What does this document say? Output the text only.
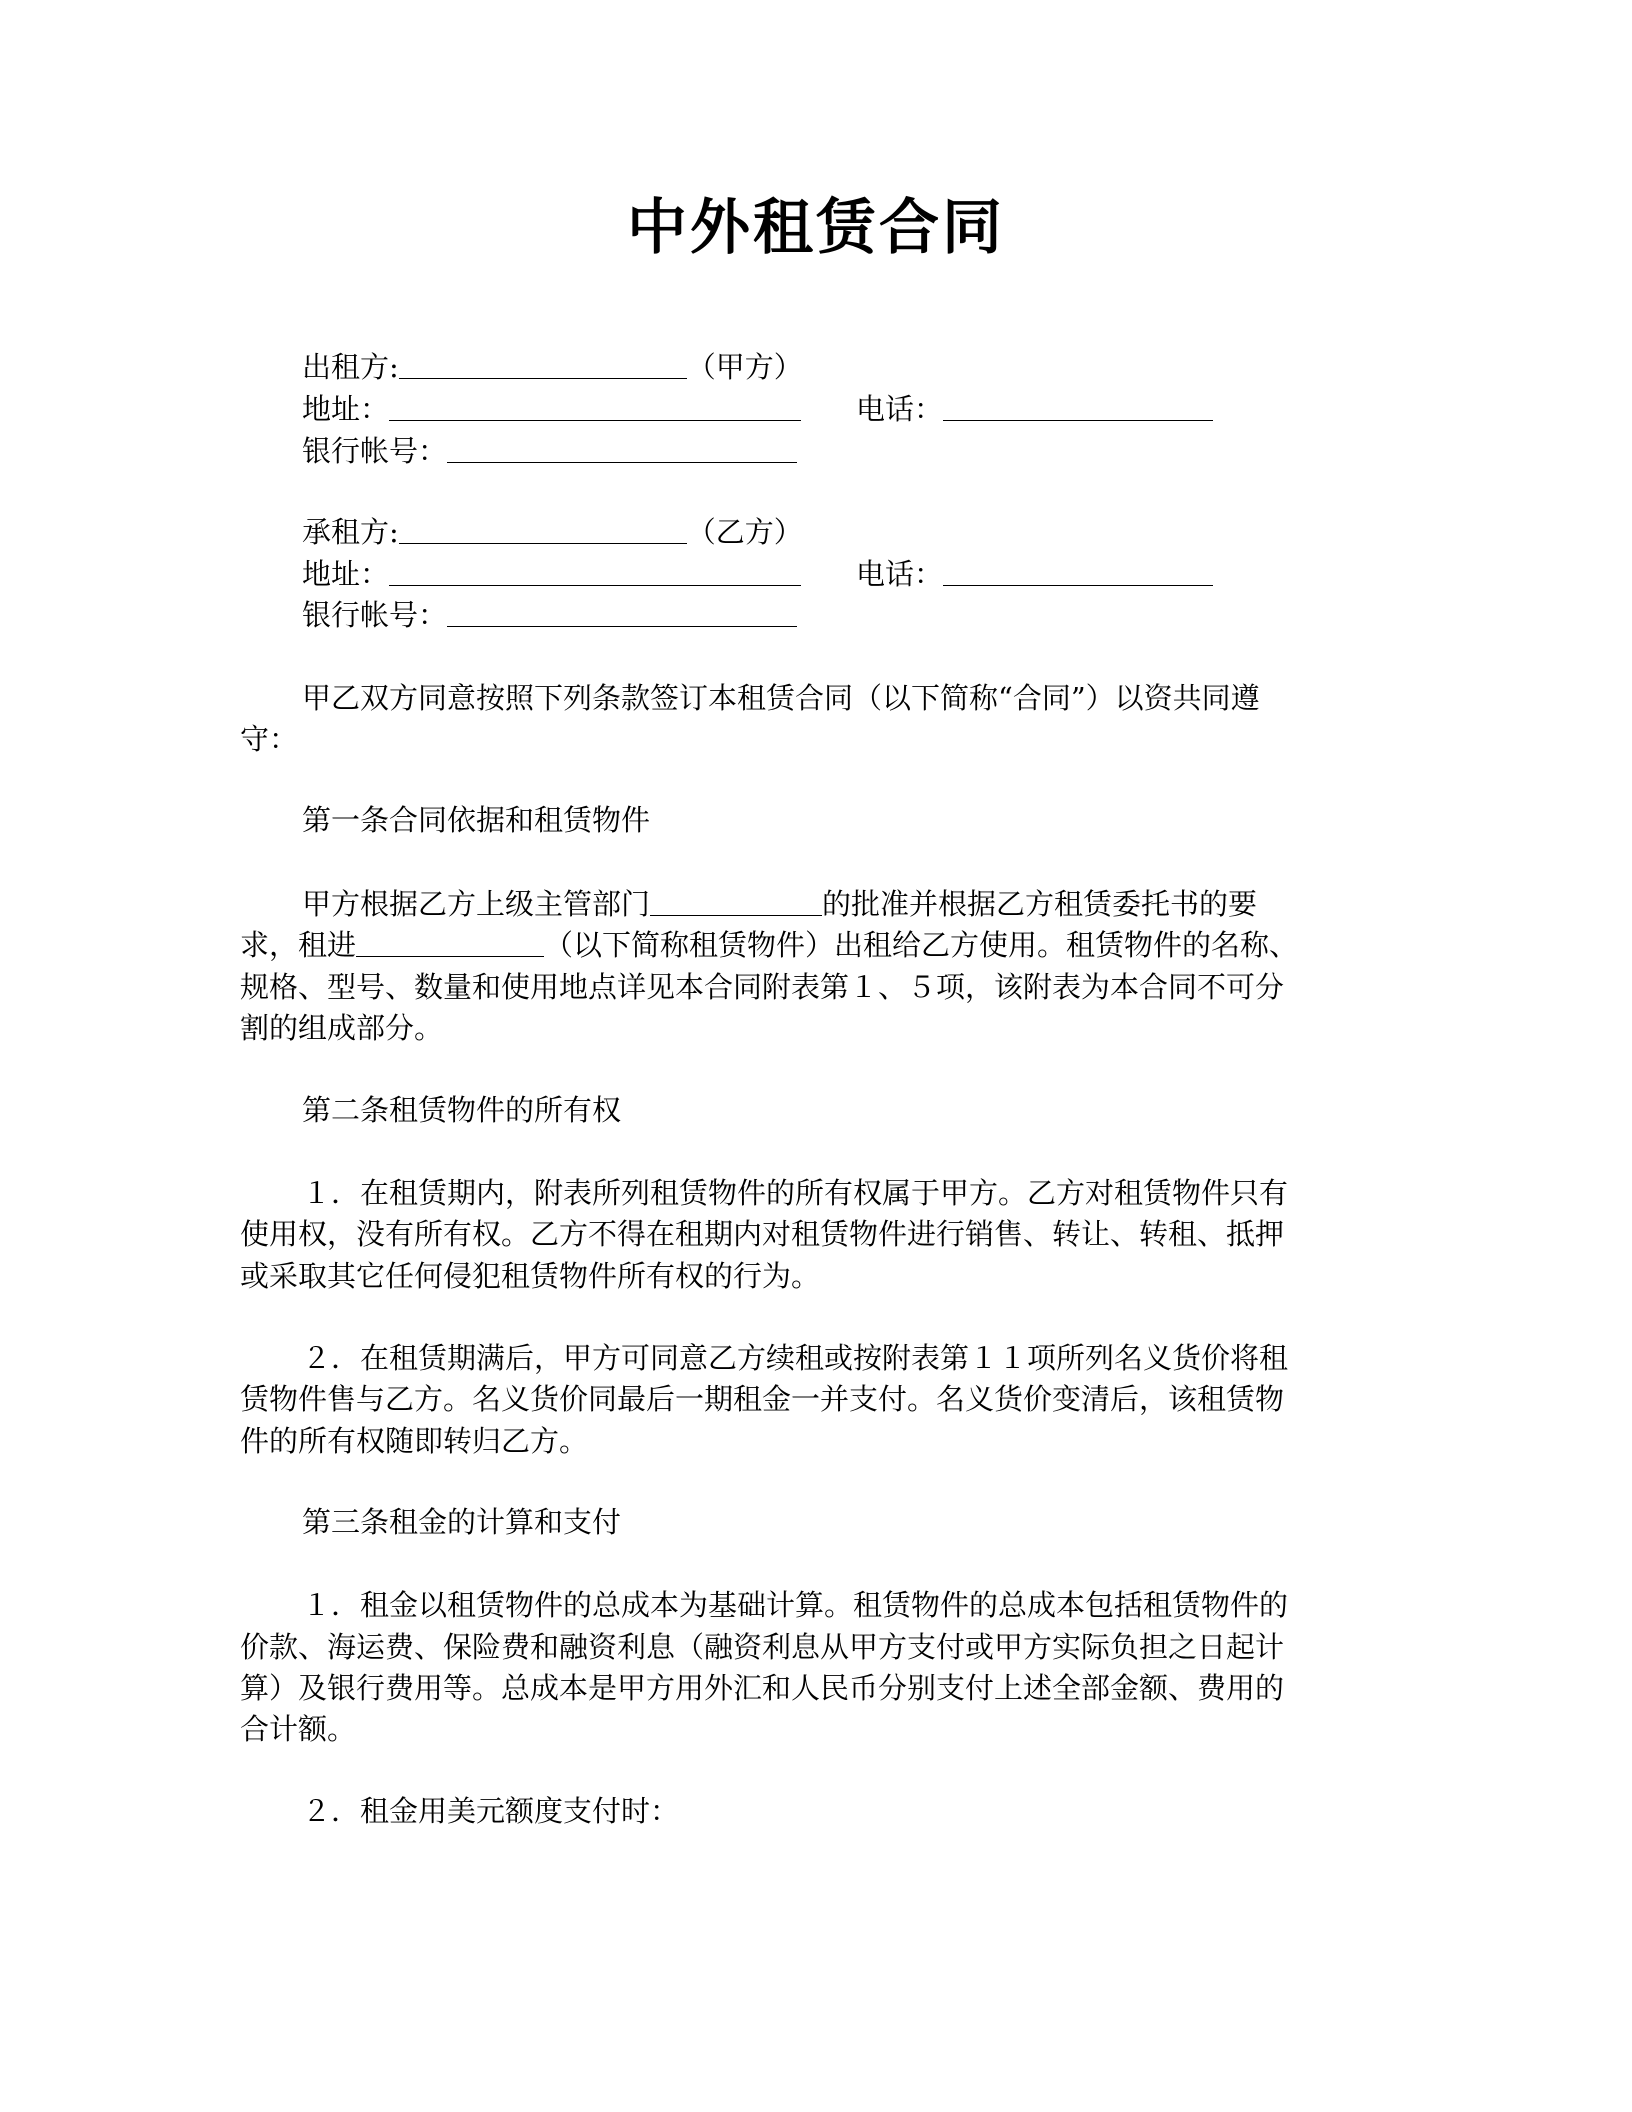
中外租赁合同
出租方:	（甲方）
地址：	电话：
银行帐号：
承租方:	（乙方）
地址：	电话：
银行帐号：
甲乙双方同意按照下列条款签订本租赁合同（以下简称“合同”）以资共同遵
守：
第一条合同依据和租赁物件
甲方根据乙方上级主管部门	的批准并根据乙方租赁委托书的要
求，租进	（以下简称租赁物件）出租给乙方使用。租赁物件的名称、
规格、型号、数量和使用地点详见本合同附表第１、５项，该附表为本合同不可分
割的组成部分。
第二条租赁物件的所有权
１．在租赁期内，附表所列租赁物件的所有权属于甲方。乙方对租赁物件只有
使用权，没有所有权。乙方不得在租期内对租赁物件进行销售、转让、转租、抵押
或采取其它任何侵犯租赁物件所有权的行为。
２．在租赁期满后，甲方可同意乙方续租或按附表第１１项所列名义货价将租
赁物件售与乙方。名义货价同最后一期租金一并支付。名义货价变清后，该租赁物
件的所有权随即转归乙方。
第三条租金的计算和支付
１．租金以租赁物件的总成本为基础计算。租赁物件的总成本包括租赁物件的
价款、海运费、保险费和融资利息（融资利息从甲方支付或甲方实际负担之日起计
算）及银行费用等。总成本是甲方用外汇和人民币分别支付上述全部金额、费用的
合计额。
２．租金用美元额度支付时：
